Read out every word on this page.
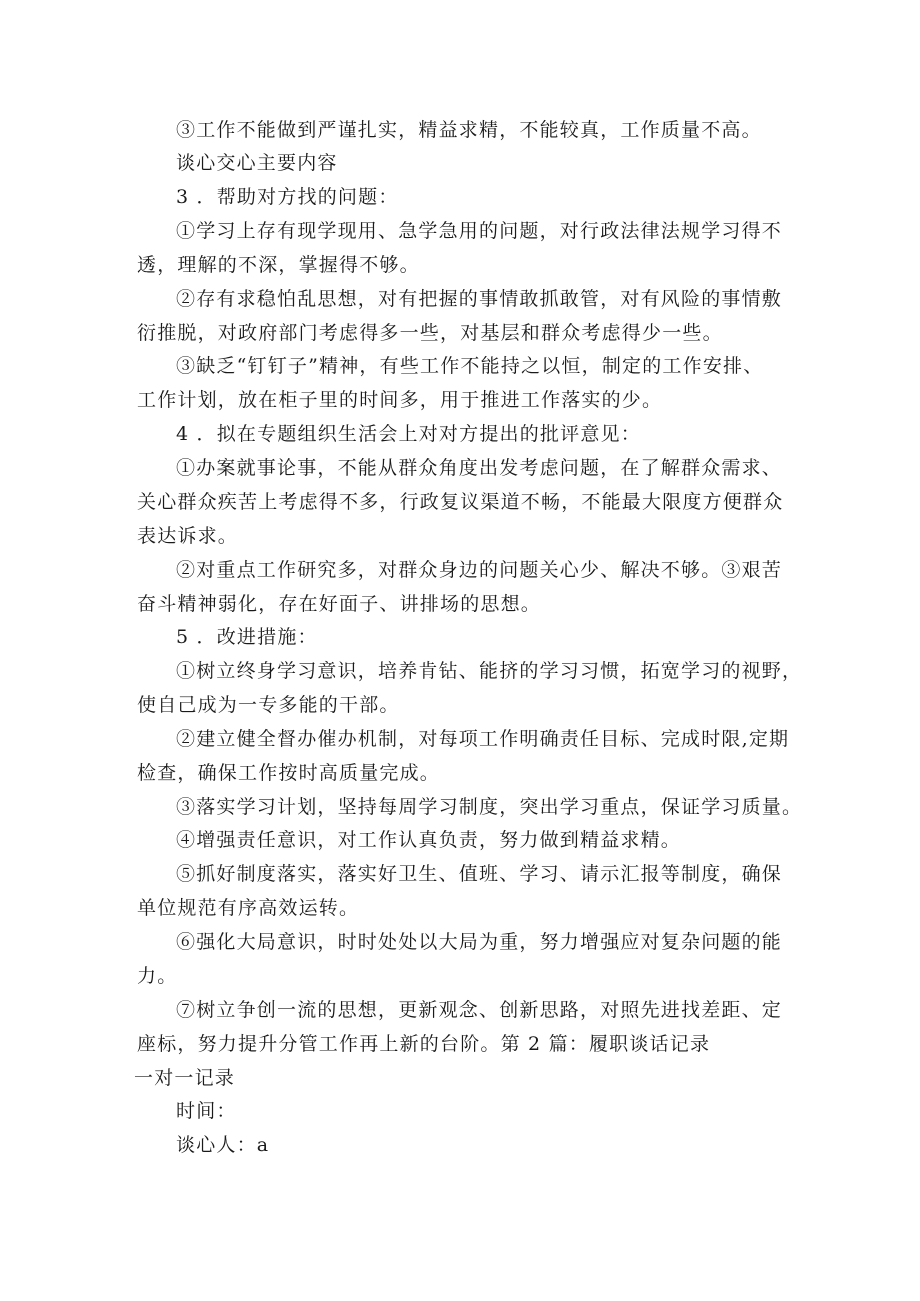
③工作不能做到严谨扎实，精益求精，不能较真，工作质量不高。
谈心交心主要内容
3 ．帮助对方找的问题：
①学习上存有现学现用、急学急用的问题，对行政法律法规学习得不
透，理解的不深，掌握得不够。
②存有求稳怕乱思想，对有把握的事情敢抓敢管，对有风险的事情敷
衍推脱，对政府部门考虑得多一些，对基层和群众考虑得少一些。
③缺乏“钉钉子”精神，有些工作不能持之以恒，制定的工作安排、
工作计划，放在柜子里的时间多，用于推进工作落实的少。
4 ．拟在专题组织生活会上对对方提出的批评意见：
①办案就事论事，不能从群众角度出发考虑问题，在了解群众需求、
关心群众疾苦上考虑得不多，行政复议渠道不畅，不能最大限度方便群众
表达诉求。
②对重点工作研究多，对群众身边的问题关心少、解决不够。③艰苦
奋斗精神弱化，存在好面子、讲排场的思想。
5 ．改进措施：
①树立终身学习意识，培养肯钻、能挤的学习习惯，拓宽学习的视野，
使自己成为一专多能的干部。
②建立健全督办催办机制，对每项工作明确责任目标、完成时限,定期
检查，确保工作按时高质量完成。
③落实学习计划，坚持每周学习制度，突出学习重点，保证学习质量。
④增强责任意识，对工作认真负责，努力做到精益求精。
⑤抓好制度落实，落实好卫生、值班、学习、请示汇报等制度，确保
单位规范有序高效运转。
⑥强化大局意识，时时处处以大局为重，努力增强应对复杂问题的能
力。
⑦树立争创一流的思想，更新观念、创新思路，对照先进找差距、定
座标，努力提升分管工作再上新的台阶。第 2 篇：履职谈话记录
一对一记录
时间：
谈心人：a
